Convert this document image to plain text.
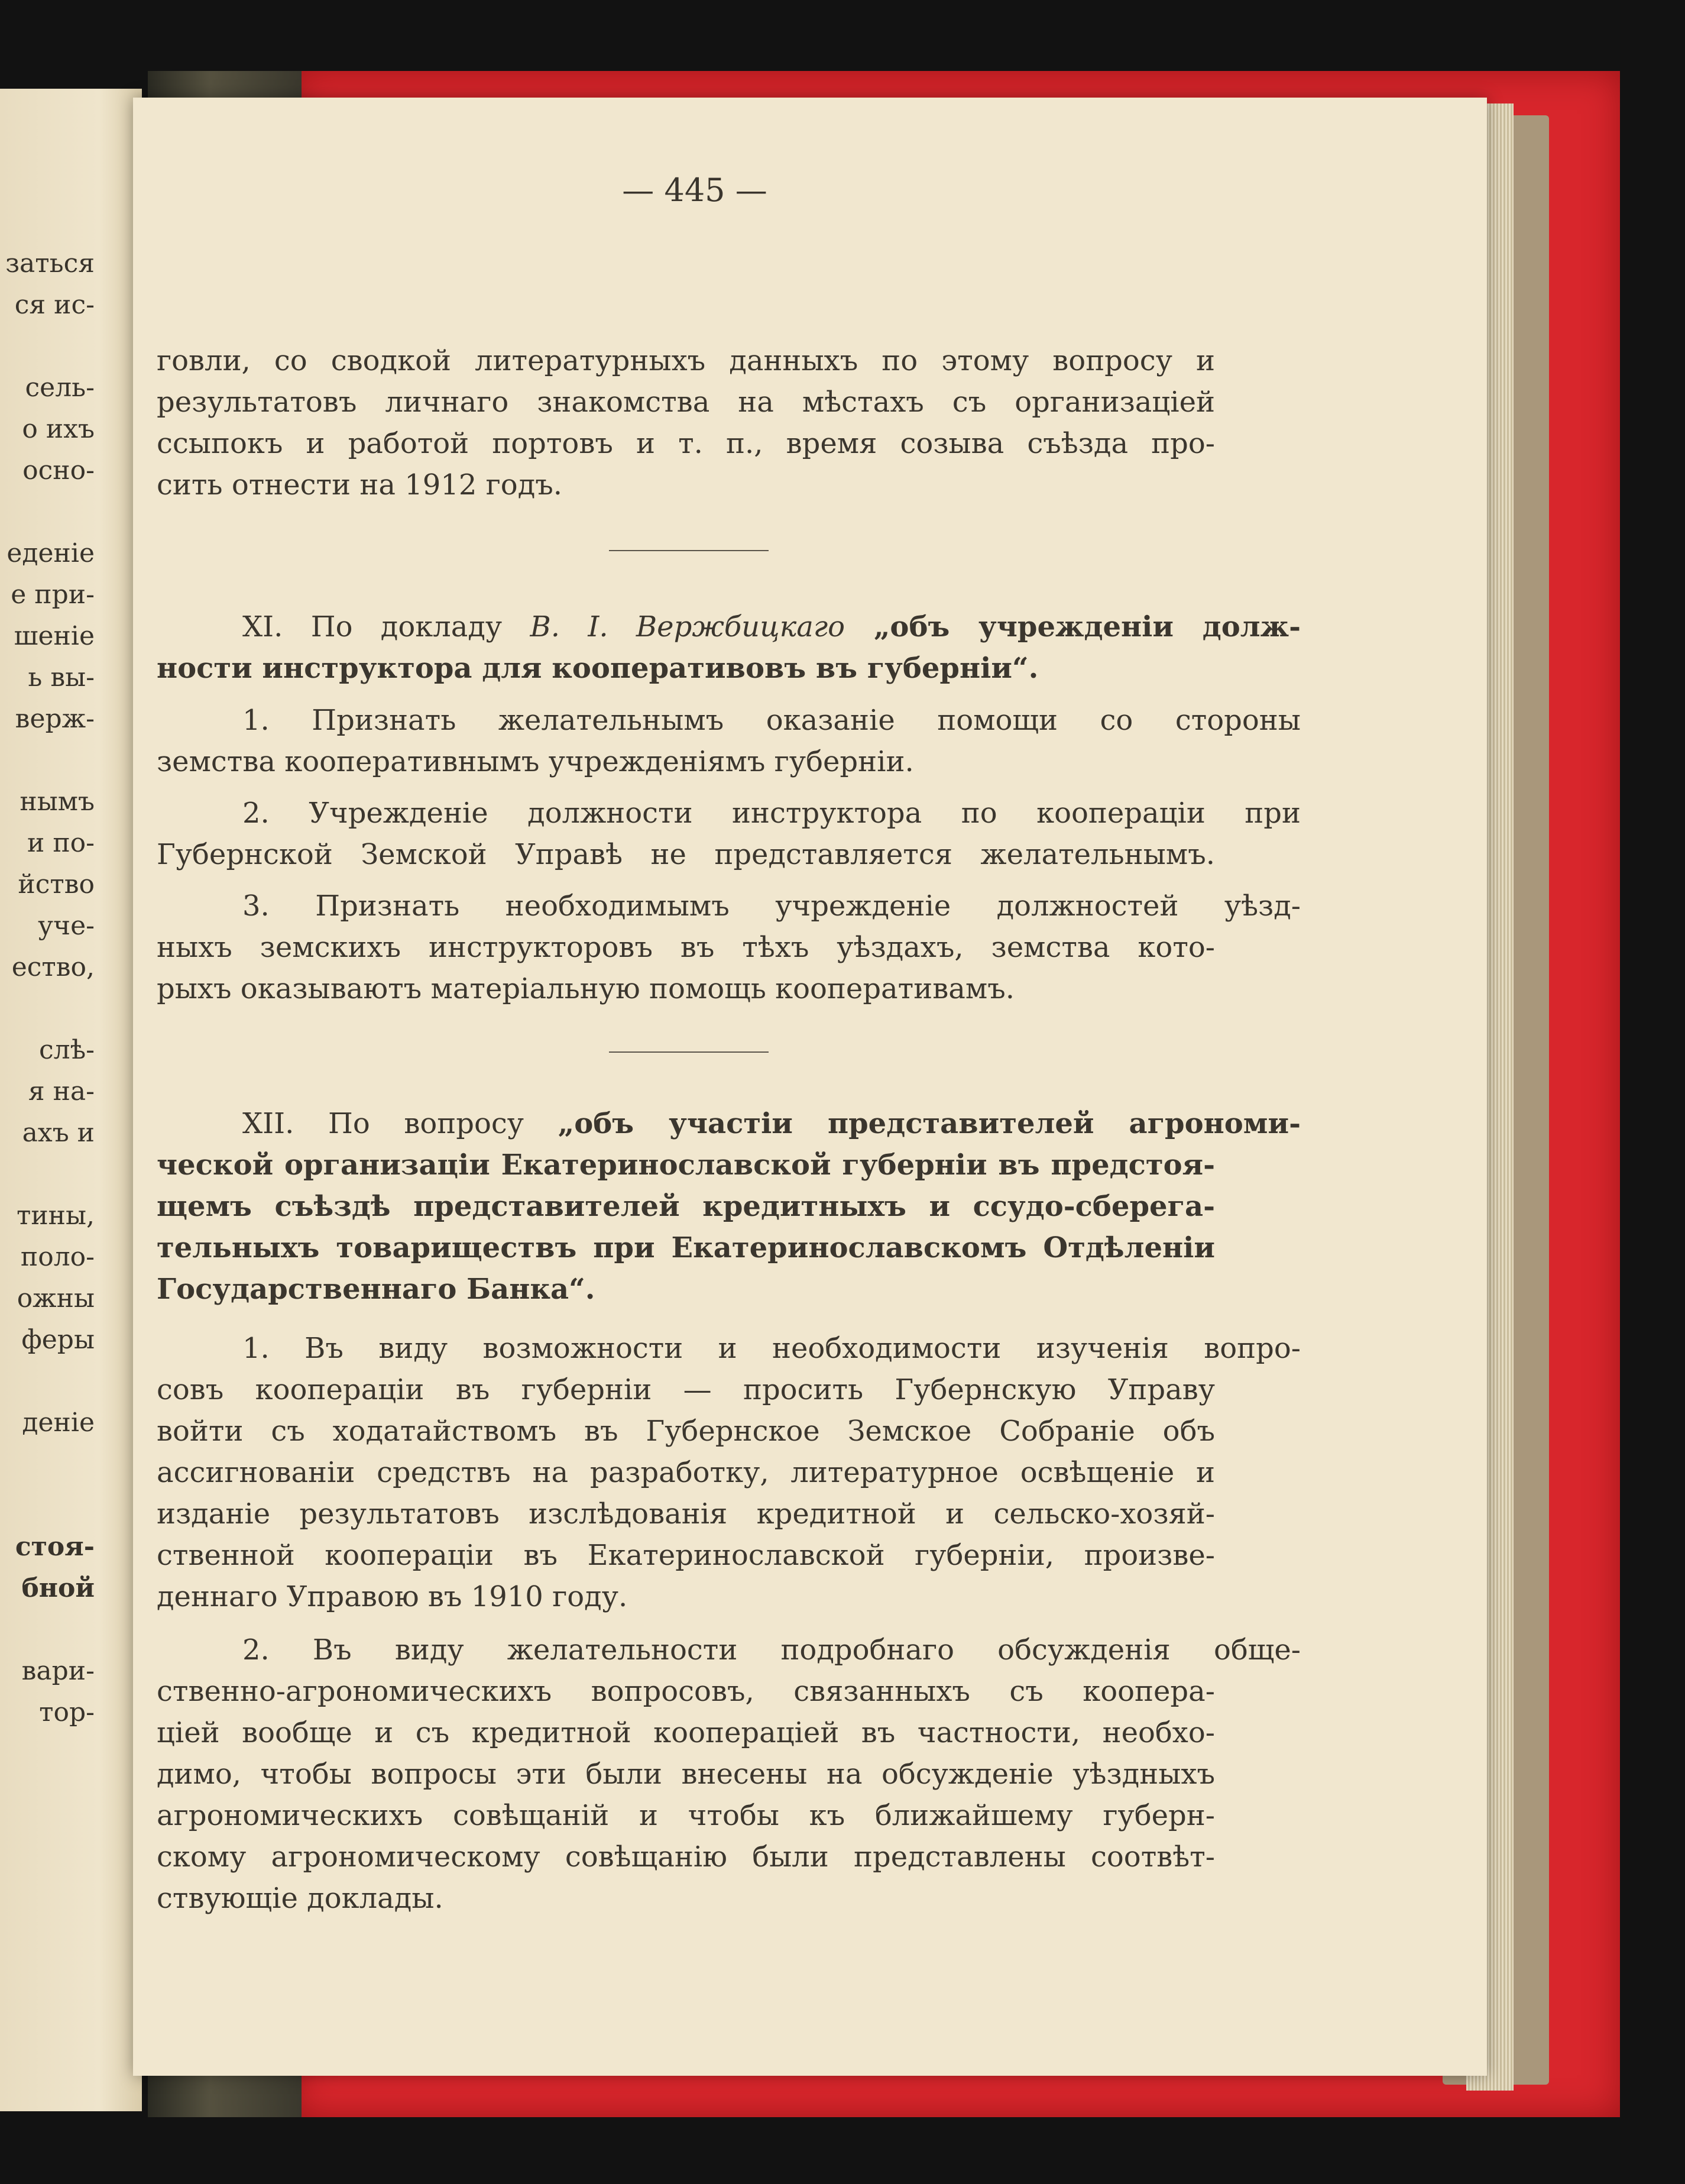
заться
ся ис-
сель-
о ихъ
осно-
еденіе
е при-
шеніе
ь вы-
верж-
нымъ
и по-
йство
уче-
ество,
слѣ-
я на-
ахъ и
тины,
поло-
ожны
феры
деніе
стоя-
бной
вари-
тор-
— 445 —
говли, со сводкой литературныхъ данныхъ по этому вопросу и
результатовъ личнаго знакомства на мѣстахъ съ организацiей
ссыпокъ и работой портовъ и т. п., время созыва съѣзда про-
сить отнести на 1912 годъ.
XI. По докладу В. I. Вержбицкаго „объ учрежденіи долж-
ности инструктора для кооперативовъ въ губерніи“.
1. Признать желательнымъ оказаніе помощи со стороны
земства кооперативнымъ учрежденіямъ губерніи.
2. Учрежденіе должности инструктора по коопераціи при
Губернской Земской Управѣ не представляется желательнымъ.
3. Признать необходимымъ учрежденіе должностей уѣзд-
ныхъ земскихъ инструкторовъ въ тѣхъ уѣздахъ, земства кото-
рыхъ оказываютъ матеріальную помощь кооперативамъ.
XII. По вопросу „объ участіи представителей агрономи-
ческой организаціи Екатеринославской губерніи въ предстоя-
щемъ съѣздѣ представителей кредитныхъ и ссудо-сберега-
тельныхъ товариществъ при Екатеринославскомъ Отдѣленіи
Государственнаго Банка“.
1. Въ виду возможности и необходимости изученія вопро-
совъ коопераціи въ губерніи — просить Губернскую Управу
войти съ ходатайствомъ въ Губернское Земское Собраніе объ
ассигнованіи средствъ на разработку, литературное освѣщеніе и
изданіе результатовъ изслѣдованія кредитной и сельско-хозяй-
ственной коопераціи въ Екатеринославской губерніи, произве-
деннаго Управою въ 1910 году.
2. Въ виду желательности подробнаго обсужденія обще-
ственно-агрономическихъ вопросовъ, связанныхъ съ коопера-
ціей вообще и съ кредитной коопераціей въ частности, необхо-
димо, чтобы вопросы эти были внесены на обсужденіе уѣздныхъ
агрономическихъ совѣщаній и чтобы къ ближайшему губерн-
скому агрономическому совѣщанію были представлены соотвѣт-
ствующіе доклады.
